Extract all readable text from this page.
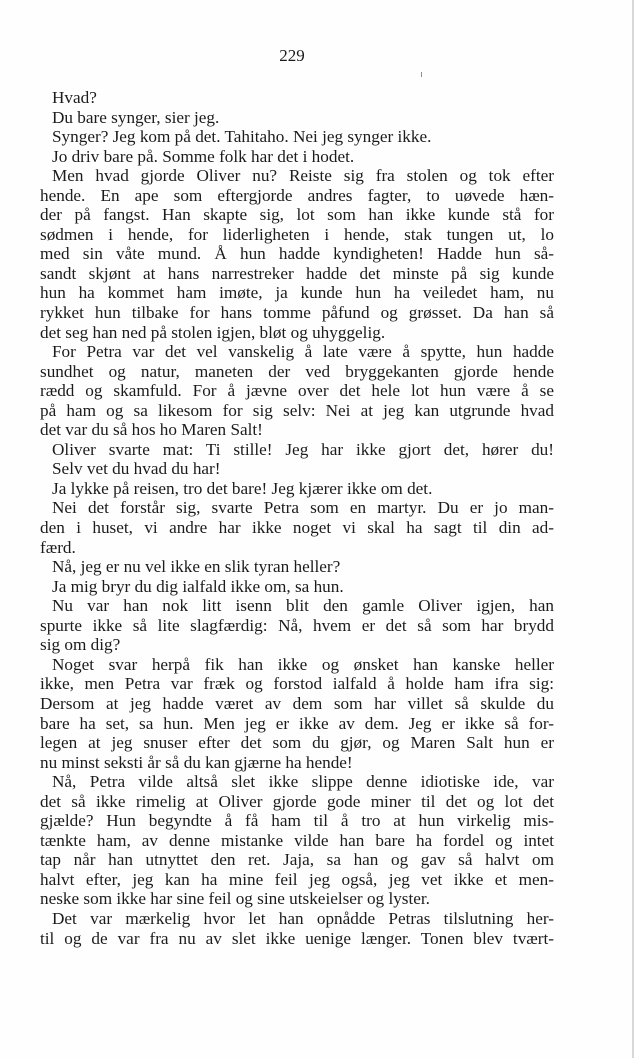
229
Hvad?
Du bare synger, sier jeg.
Synger? Jeg kom på det. Tahitaho. Nei jeg synger ikke.
Jo driv bare på. Somme folk har det i hodet.
Men hvad gjorde Oliver nu? Reiste sig fra stolen og tok efter
hende. En ape som eftergjorde andres fagter, to uøvede hæn-
der på fangst. Han skapte sig, lot som han ikke kunde stå for
sødmen i hende, for liderligheten i hende, stak tungen ut, lo
med sin våte mund. Å hun hadde kyndigheten! Hadde hun så-
sandt skjønt at hans narrestreker hadde det minste på sig kunde
hun ha kommet ham imøte, ja kunde hun ha veiledet ham, nu
rykket hun tilbake for hans tomme påfund og grøsset. Da han så
det seg han ned på stolen igjen, bløt og uhyggelig.
For Petra var det vel vanskelig å late være å spytte, hun hadde
sundhet og natur, maneten der ved bryggekanten gjorde hende
rædd og skamfuld. For å jævne over det hele lot hun være å se
på ham og sa likesom for sig selv: Nei at jeg kan utgrunde hvad
det var du så hos ho Maren Salt!
Oliver svarte mat: Ti stille! Jeg har ikke gjort det, hører du!
Selv vet du hvad du har!
Ja lykke på reisen, tro det bare! Jeg kjærer ikke om det.
Nei det forstår sig, svarte Petra som en martyr. Du er jo man-
den i huset, vi andre har ikke noget vi skal ha sagt til din ad-
færd.
Nå, jeg er nu vel ikke en slik tyran heller?
Ja mig bryr du dig ialfald ikke om, sa hun.
Nu var han nok litt isenn blit den gamle Oliver igjen, han
spurte ikke så lite slagfærdig: Nå, hvem er det så som har brydd
sig om dig?
Noget svar herpå fik han ikke og ønsket han kanske heller
ikke, men Petra var fræk og forstod ialfald å holde ham ifra sig:
Dersom at jeg hadde været av dem som har villet så skulde du
bare ha set, sa hun. Men jeg er ikke av dem. Jeg er ikke så for-
legen at jeg snuser efter det som du gjør, og Maren Salt hun er
nu minst seksti år så du kan gjærne ha hende!
Nå, Petra vilde altså slet ikke slippe denne idiotiske ide, var
det så ikke rimelig at Oliver gjorde gode miner til det og lot det
gjælde? Hun begyndte å få ham til å tro at hun virkelig mis-
tænkte ham, av denne mistanke vilde han bare ha fordel og intet
tap når han utnyttet den ret. Jaja, sa han og gav så halvt om
halvt efter, jeg kan ha mine feil jeg også, jeg vet ikke et men-
neske som ikke har sine feil og sine utskeielser og lyster.
Det var mærkelig hvor let han opnådde Petras tilslutning her-
til og de var fra nu av slet ikke uenige længer. Tonen blev tvært-
